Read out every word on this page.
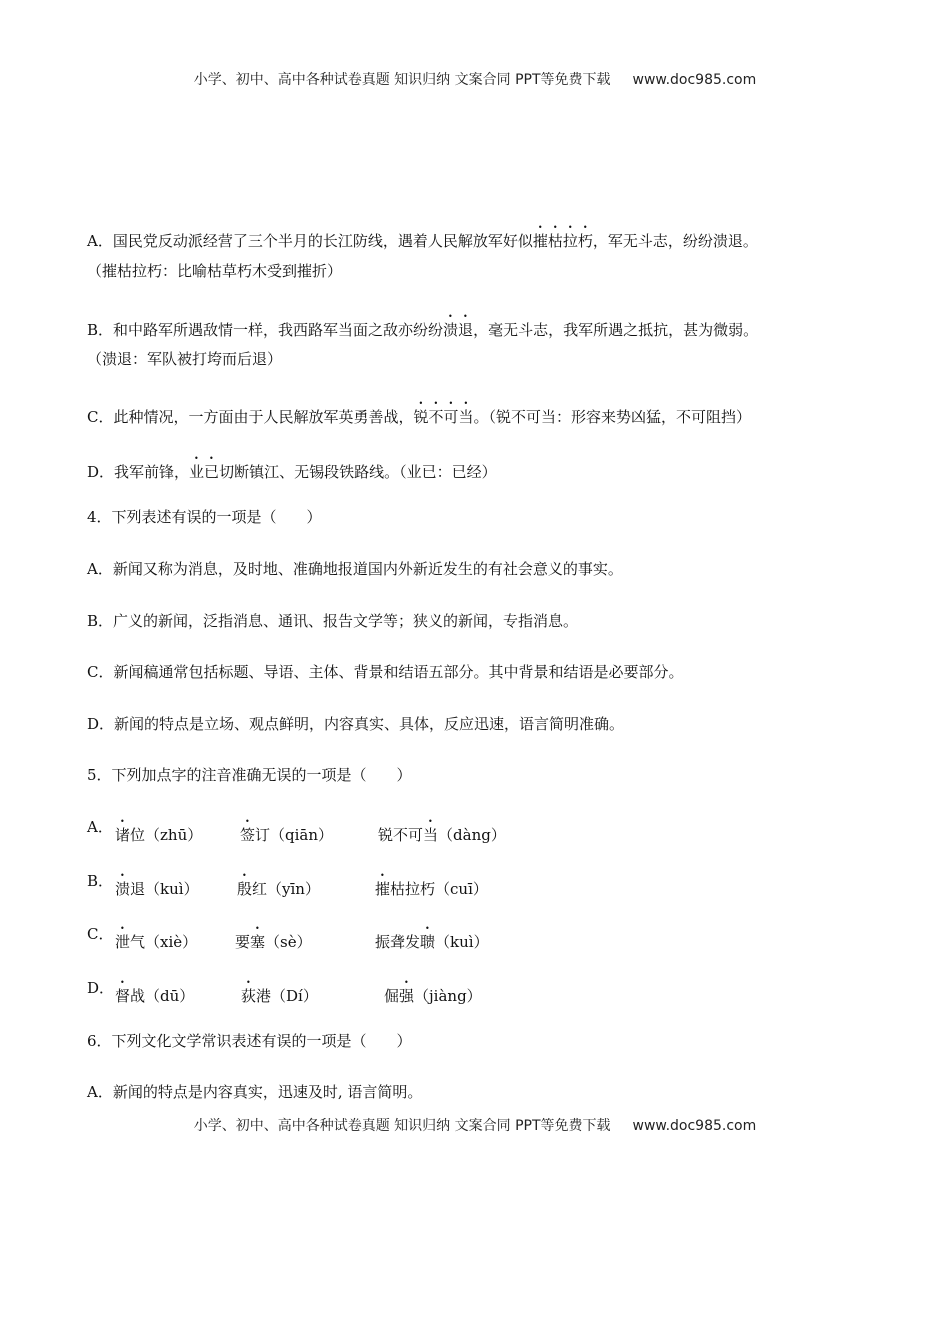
小学、初中、高中各种试卷真题 知识归纳 文案合同 PPT等免费下载 www.doc985.com
A．国民党反动派经营了三个半月的长江防线，遇着人民解放军好似摧枯拉朽，军无斗志，纷纷溃退。
（摧枯拉朽：比喻枯草朽木受到摧折）
B．和中路军所遇敌情一样，我西路军当面之敌亦纷纷溃退，毫无斗志，我军所遇之抵抗，甚为微弱。
（溃退：军队被打垮而后退）
C．此种情况，一方面由于人民解放军英勇善战，锐不可当。（锐不可当：形容来势凶猛，不可阻挡）
D．我军前锋，业已切断镇江、无锡段铁路线。（业已：已经）
4．下列表述有误的一项是（　　）
A．新闻又称为消息，及时地、准确地报道国内外新近发生的有社会意义的事实。
B．广义的新闻，泛指消息、通讯、报告文学等；狭义的新闻，专指消息。
C．新闻稿通常包括标题、导语、主体、背景和结语五部分。其中背景和结语是必要部分。
D．新闻的特点是立场、观点鲜明，内容真实、具体，反应迅速，语言简明准确。
5．下列加点字的注音准确无误的一项是（　　）
A． 诸位（zhū）	签订（qiān）	锐不可当（dàng）
B． 溃退（kuì）	殷红（yīn）	摧枯拉朽（cuī）
C． 泄气（xiè）	要塞（sè）	振聋发聩（kuì）
D． 督战（dū）	荻港（Dí）	倔强（jiàng）
6．下列文化文学常识表述有误的一项是（　　）
A．新闻的特点是内容真实，迅速及时, 语言简明。
小学、初中、高中各种试卷真题 知识归纳 文案合同 PPT等免费下载 www.doc985.com
